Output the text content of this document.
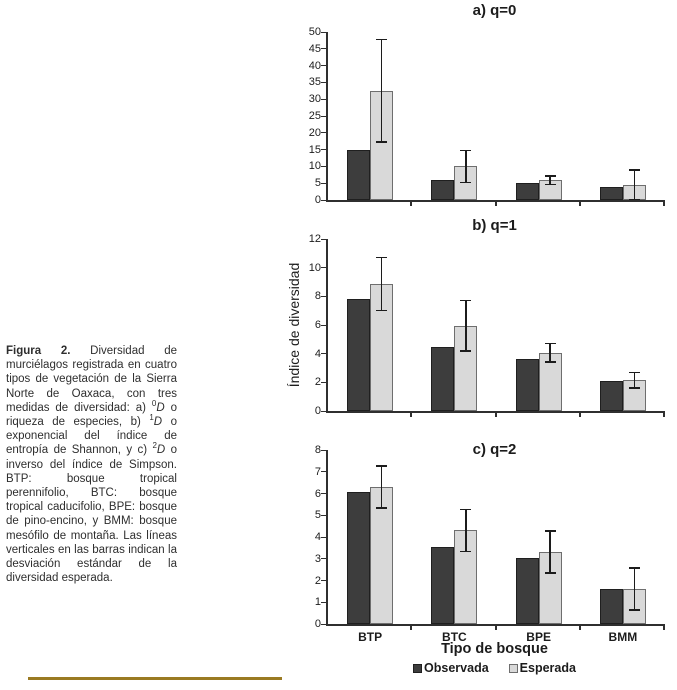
Figura 2. Diversidad de murciélagos registrada en cuatro tipos de vegetación de la Sierra Norte de Oaxaca, con tres medidas de diversidad: a) $^0$D o riqueza de especies, b) $^1$D o exponencial del índice de entropía de Shannon, y c) $^2$D o inverso del índice de Simpson. BTP: bosque tropical perennifolio, BTC: bosque tropical caducifolio, BPE: bosque de pino-encino, y BMM: bosque mesófilo de montaña. Las líneas verticales en las barras indican la desviación estándar de la diversidad esperada.
Índice de diversidad
a) q=0
0
5
10
15
20
25
30
35
40
45
50
b) q=1
0
2
4
6
8
10
12
c) q=2
0
1
2
3
4
5
6
7
8
BTP	BTC	BPE	BMM
Tipo de bosque
Observada Esperada
